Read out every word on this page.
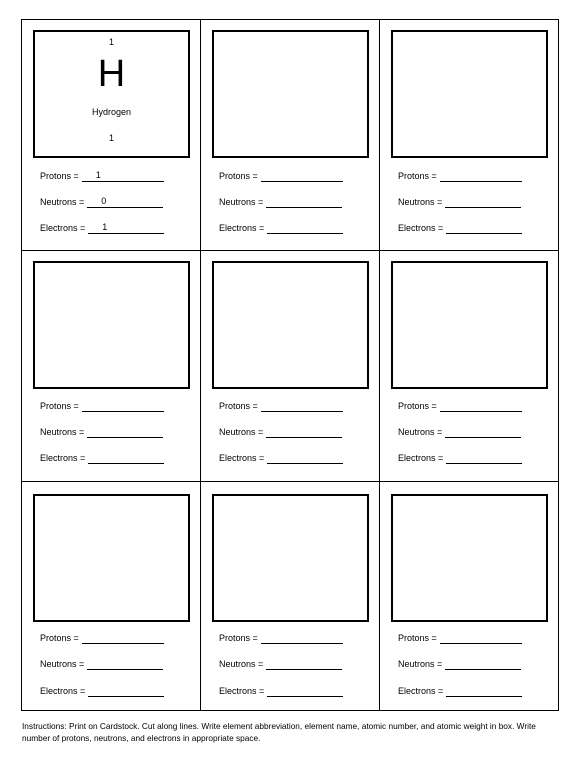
1
H
Hydrogen
1
Protons =	1
Neutrons =	0
Electrons =	1
Protons =
Neutrons =
Electrons =
Protons =
Neutrons =
Electrons =
Protons =
Neutrons =
Electrons =
Protons =
Neutrons =
Electrons =
Protons =
Neutrons =
Electrons =
Protons =
Neutrons =
Electrons =
Protons =
Neutrons =
Electrons =
Protons =
Neutrons =
Electrons =
Instructions: Print on Cardstock. Cut along lines. Write element abbreviation, element name, atomic number, and atomic weight in box. Write number of protons, neutrons, and electrons in appropriate space.
